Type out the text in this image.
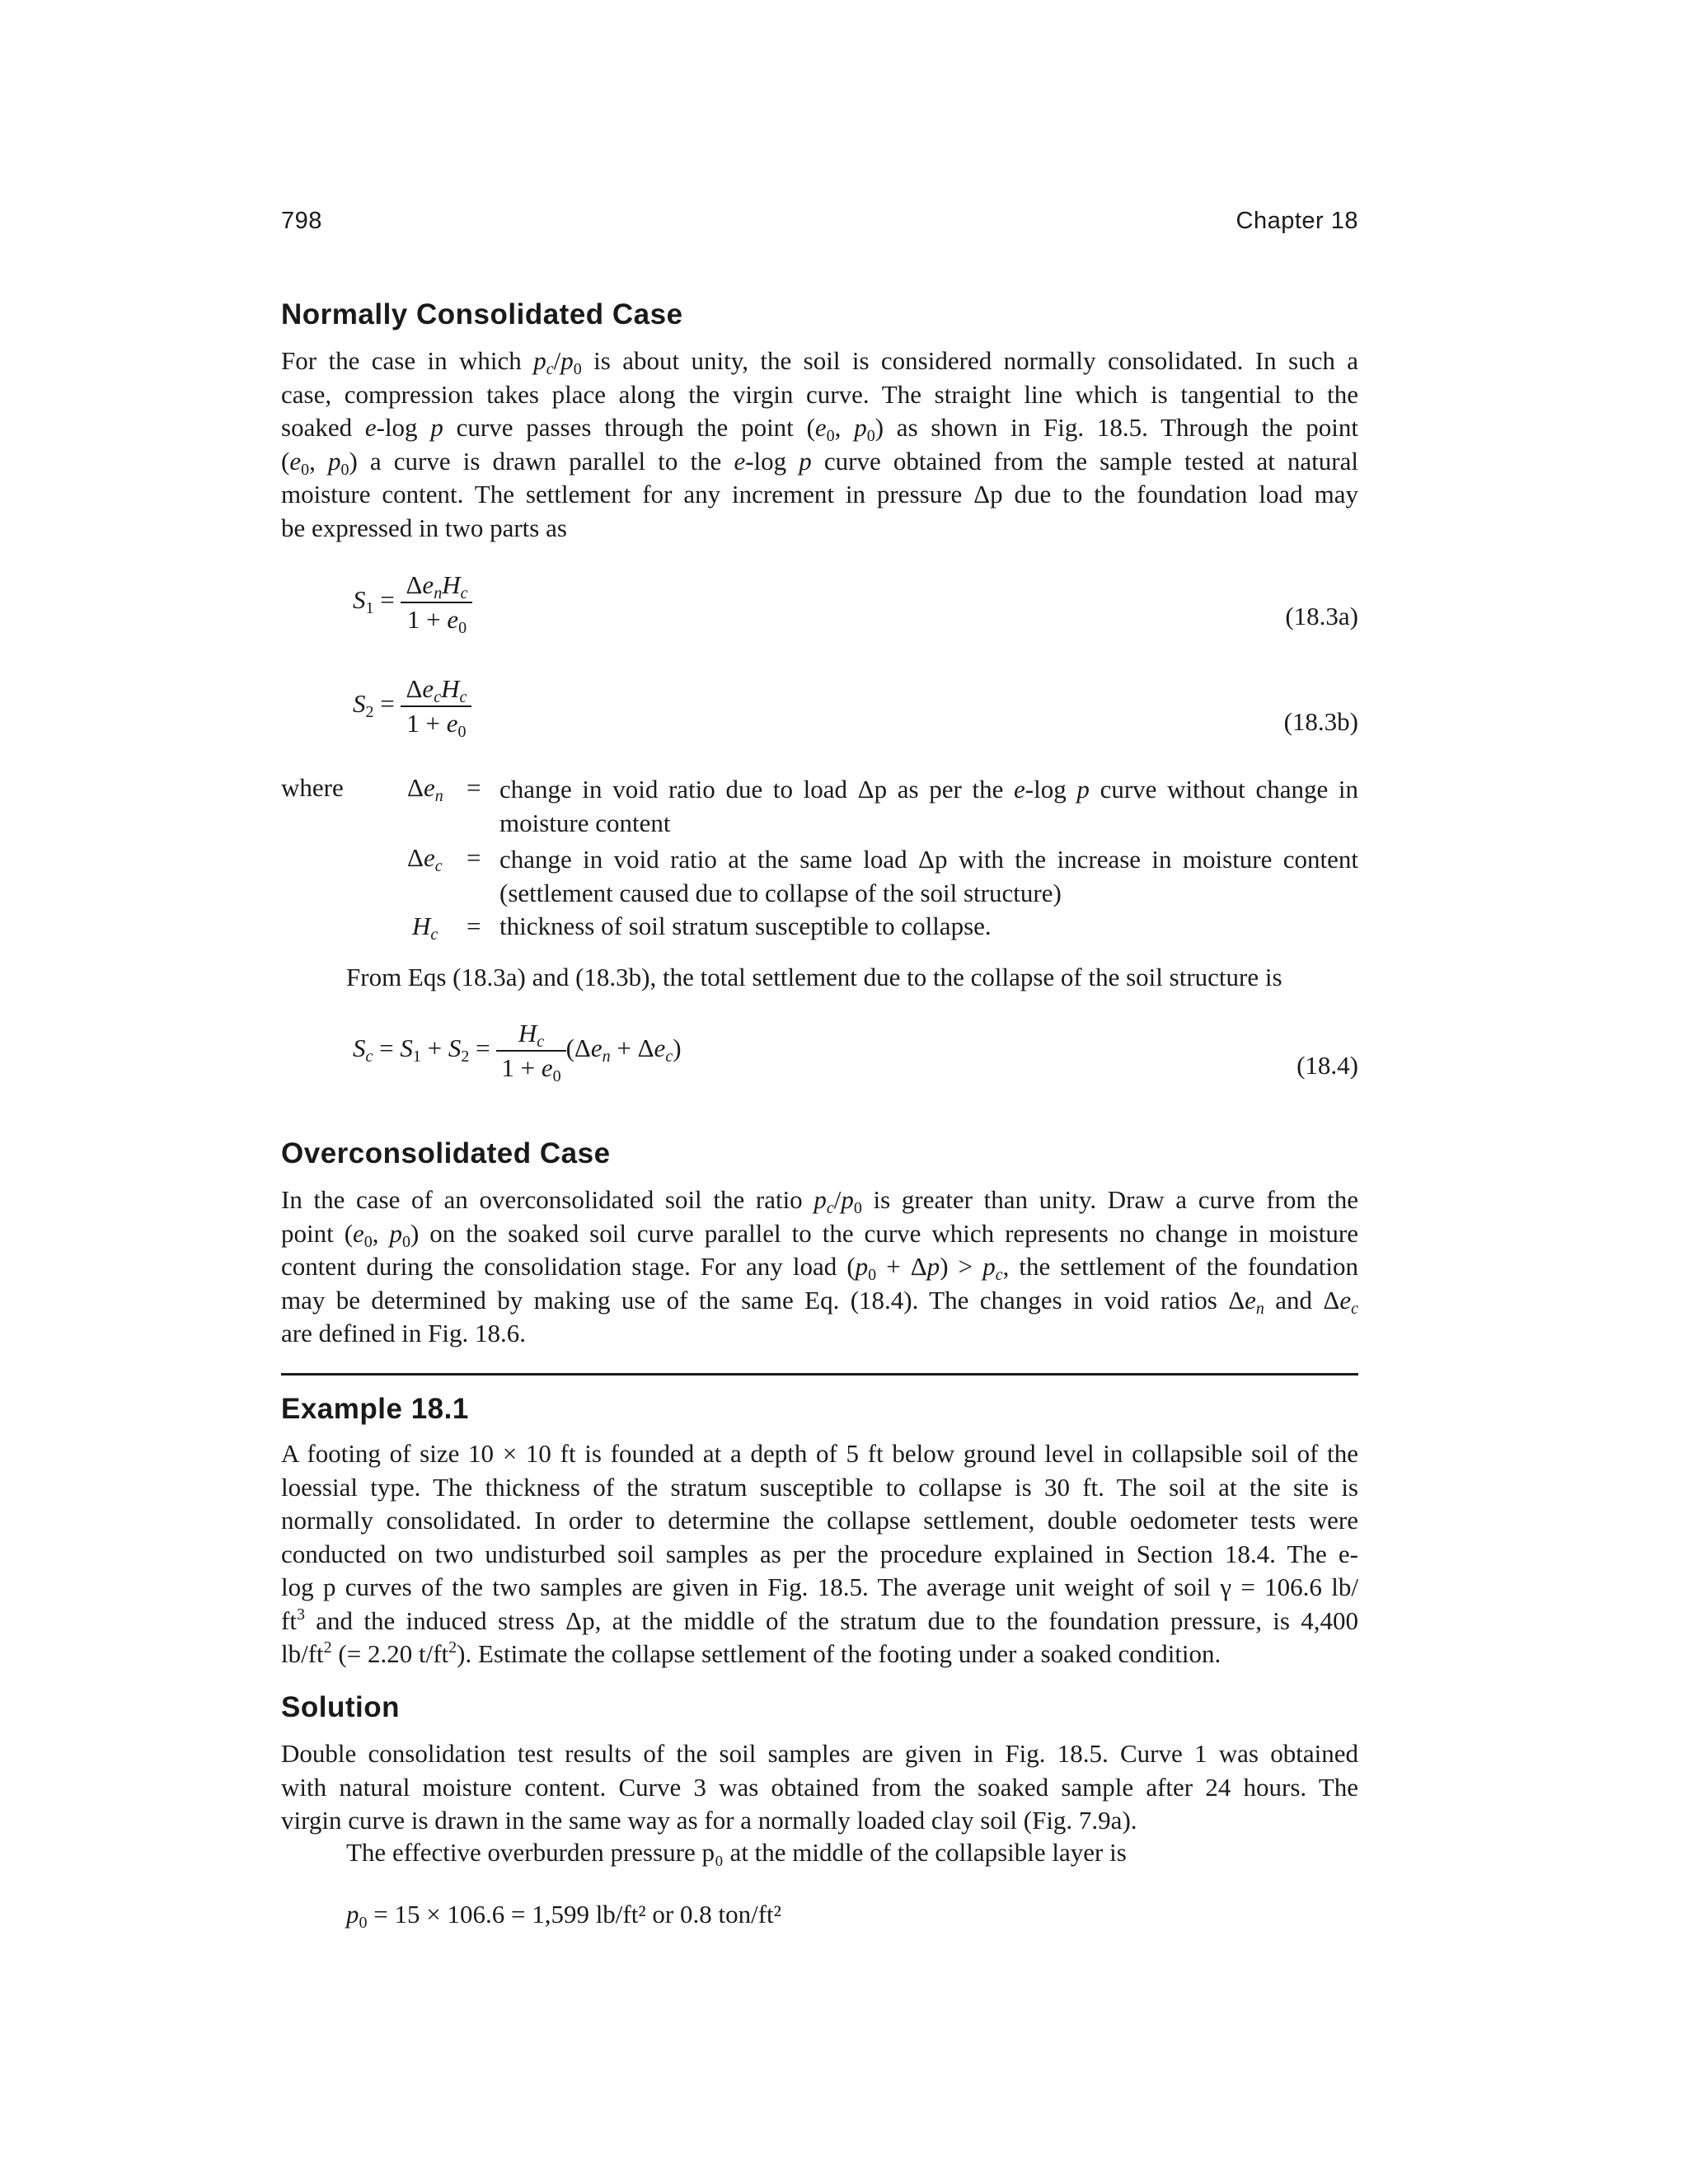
798	Chapter 18
Normally Consolidated Case
For the case in which $p_c/p_0$ is about unity, the soil is considered normally consolidated. In such a
case, compression takes place along the virgin curve. The straight line which is tangential to the
soaked e-log p curve passes through the point ($e_0$, $p_0$) as shown in Fig. 18.5. Through the point
($e_0$, $p_0$) a curve is drawn parallel to the e-log p curve obtained from the sample tested at natural
moisture content. The settlement for any increment in pressure Δp due to the foundation load may
be expressed in two parts as
$S_1 = \frac{\Delta e_nH_c}{1 + e_0}$	(18.3a)
$S_2 = \frac{\Delta e_cH_c}{1 + e_0}$	(18.3b)
where $\Delta e_n$ = change in void ratio due to load Δp as per the e-log p curve without change in
moisture content
$\Delta e_c$ = change in void ratio at the same load Δp with the increase in moisture content
(settlement caused due to collapse of the soil structure)
$H_c$ = thickness of soil stratum susceptible to collapse.
From Eqs (18.3a) and (18.3b), the total settlement due to the collapse of the soil structure is
$S_c = S_1 + S_2 = \frac{H_c}{1 + e_0} (\Delta e_n + \Delta e_c)$
(18.4)
Overconsolidated Case
In the case of an overconsolidated soil the ratio $p_c/p_0$ is greater than unity. Draw a curve from the
point ($e_0$, $p_0$) on the soaked soil curve parallel to the curve which represents no change in moisture
content during the consolidation stage. For any load $(p_0 + \Delta p) > p_c$, the settlement of the foundation
may be determined by making use of the same Eq. (18.4). The changes in void ratios $\Delta e_n$ and $\Delta e_c$
are defined in Fig. 18.6.
Example 18.1
A footing of size 10 × 10 ft is founded at a depth of 5 ft below ground level in collapsible soil of the
loessial type. The thickness of the stratum susceptible to collapse is 30 ft. The soil at the site is
normally consolidated. In order to determine the collapse settlement, double oedometer tests were
conducted on two undisturbed soil samples as per the procedure explained in Section 18.4. The e-
log p curves of the two samples are given in Fig. 18.5. The average unit weight of soil γ = 106.6 lb/
$ft^3$ and the induced stress Δp, at the middle of the stratum due to the foundation pressure, is 4,400
$lb/ft^2$ (= 2.20 $t/ft^2$). Estimate the collapse settlement of the footing under a soaked condition.
Solution
Double consolidation test results of the soil samples are given in Fig. 18.5. Curve 1 was obtained
with natural moisture content. Curve 3 was obtained from the soaked sample after 24 hours. The
virgin curve is drawn in the same way as for a normally loaded clay soil (Fig. 7.9a).
The effective overburden pressure p₀ at the middle of the collapsible layer is
$p_0 = 15 \times 106.6 = 1,599$ lb/ft² or 0.8 ton/ft²
